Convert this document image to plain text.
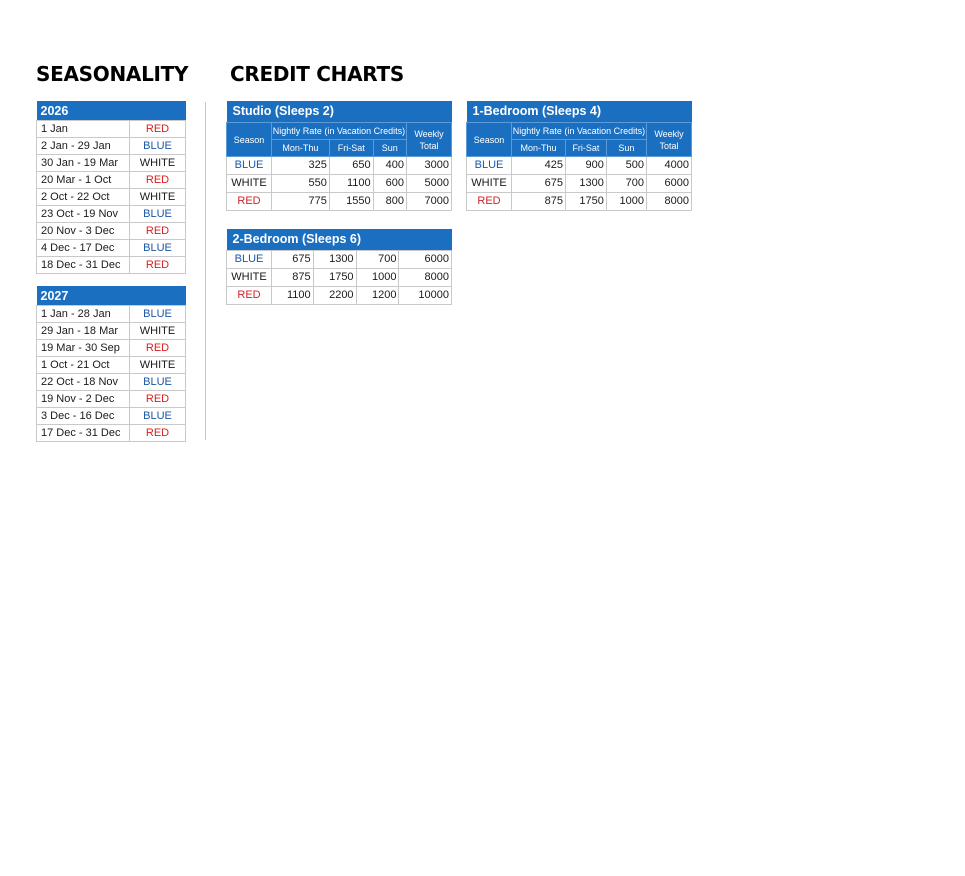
SEASONALITY CREDIT CHARTS
2026	
1 Jan	RED
2 Jan - 29 Jan	BLUE
30 Jan - 19 Mar	WHITE
20 Mar - 1 Oct	RED
2 Oct - 22 Oct	WHITE
23 Oct - 19 Nov	BLUE
20 Nov - 3 Dec	RED
4 Dec - 17 Dec	BLUE
18 Dec - 31 Dec	RED
2027	
1 Jan - 28 Jan	BLUE
29 Jan - 18 Mar	WHITE
19 Mar - 30 Sep	RED
1 Oct - 21 Oct	WHITE
22 Oct - 18 Nov	BLUE
19 Nov - 2 Dec	RED
3 Dec - 16 Dec	BLUE
17 Dec - 31 Dec	RED
Studio (Sleeps 2)				
Season	Nightly Rate (in Vacation Credits)			Weekly Total
	Mon-Thu	Fri-Sat	Sun	
BLUE	325	650	400	3000
WHITE	550	1100	600	5000
RED	775	1550	800	7000
1-Bedroom (Sleeps 4)				
Season	Nightly Rate (in Vacation Credits)			Weekly Total
	Mon-Thu	Fri-Sat	Sun	
BLUE	425	900	500	4000
WHITE	675	1300	700	6000
RED	875	1750	1000	8000
2-Bedroom (Sleeps 6)				
BLUE	675	1300	700	6000
WHITE	875	1750	1000	8000
RED	1100	2200	1200	10000
